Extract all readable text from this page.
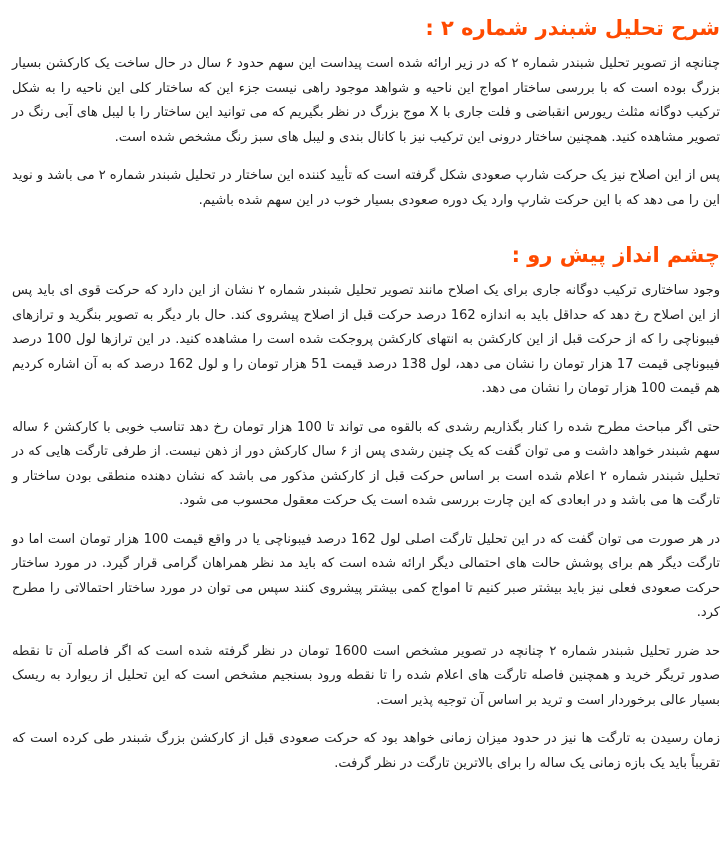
شرح تحلیل شبندر شماره ۲ :

چنانچه از تصویر تحلیل شبندر شماره ۲ که در زیر ارائه شده است پیداست این سهم حدود ۶ سال در حال ساخت یک کارکشن بسیار بزرگ بوده است که با بررسی ساختار امواج این ناحیه و شواهد موجود راهی نیست جزء این که ساختار کلی این ناحیه را به شکل ترکیب دوگانه مثلث ریورس انقباضی و فلت جاری با X موج بزرگ در نظر بگیریم که می توانید این ساختار را با لیبل های آبی رنگ در تصویر مشاهده کنید. همچنین ساختار درونی این ترکیب نیز با کانال بندی و لیبل های سبز رنگ مشخص شده است.

پس از این اصلاح نیز یک حرکت شارپ صعودی شکل گرفته است که تأیید کننده این ساختار در تحلیل شبندر شماره ۲ می باشد و نوید این را می دهد که با این حرکت شارپ وارد یک دوره صعودی بسیار خوب در این سهم شده باشیم.

چشم انداز پیش رو :

وجود ساختاری ترکیب دوگانه جاری برای یک اصلاح مانند تصویر تحلیل شبندر شماره ۲ نشان از این دارد که حرکت قوی ای باید پس از این اصلاح رخ دهد که حداقل باید به اندازه 162 درصد حرکت قبل از اصلاح پیشروی کند. حال بار دیگر به تصویر بنگرید و ترازهای فیبوناچی را که از حرکت قبل از این کارکشن به انتهای کارکشن پروجکت شده است را مشاهده کنید. در این ترازها لول 100 درصد فیبوناچی قیمت 17 هزار تومان را نشان می دهد، لول 138 درصد قیمت 51 هزار تومان را و لول 162 درصد که به آن اشاره کردیم هم قیمت 100 هزار تومان را نشان می دهد.

حتی اگر مباحث مطرح شده را کنار بگذاریم رشدی که بالقوه می تواند تا 100 هزار تومان رخ دهد تناسب خوبی با کارکشن ۶ ساله سهم شبندر خواهد داشت و می توان گفت که یک چنین رشدی پس از ۶ سال کارکش دور از ذهن نیست. از طرفی تارگت هایی که در تحلیل شبندر شماره ۲ اعلام شده است بر اساس حرکت قبل از کارکشن مذکور می باشد که نشان دهنده منطقی بودن ساختار و تارگت ها می باشد و در ابعادی که این چارت بررسی شده است یک حرکت معقول محسوب می شود.

در هر صورت می توان گفت که در این تحلیل تارگت اصلی لول 162 درصد فیبوناچی یا در واقع قیمت 100 هزار تومان است اما دو تارگت دیگر هم برای پوشش حالت های احتمالی دیگر ارائه شده است که باید مد نظر همراهان گرامی قرار گیرد. در مورد ساختار حرکت صعودی فعلی نیز باید بیشتر صبر کنیم تا امواج کمی بیشتر پیشروی کنند سپس می توان در مورد ساختار احتمالاتی را مطرح کرد.

حد ضرر تحلیل شبندر شماره ۲ چنانچه در تصویر مشخص است 1600 تومان در نظر گرفته شده است که اگر فاصله آن تا نقطه صدور تریگر خرید و همچنین فاصله تارگت های اعلام شده را تا نقطه ورود بسنجیم مشخص است که این تحلیل از ریوارد به ریسک بسیار عالی برخوردار است و ترید بر اساس آن توجیه پذیر است.

زمان رسیدن به تارگت ها نیز در حدود میزان زمانی خواهد بود که حرکت صعودی قبل از کارکشن بزرگ شبندر طی کرده است که تقریباً باید یک بازه زمانی یک ساله را برای بالاترین تارگت در نظر گرفت.
